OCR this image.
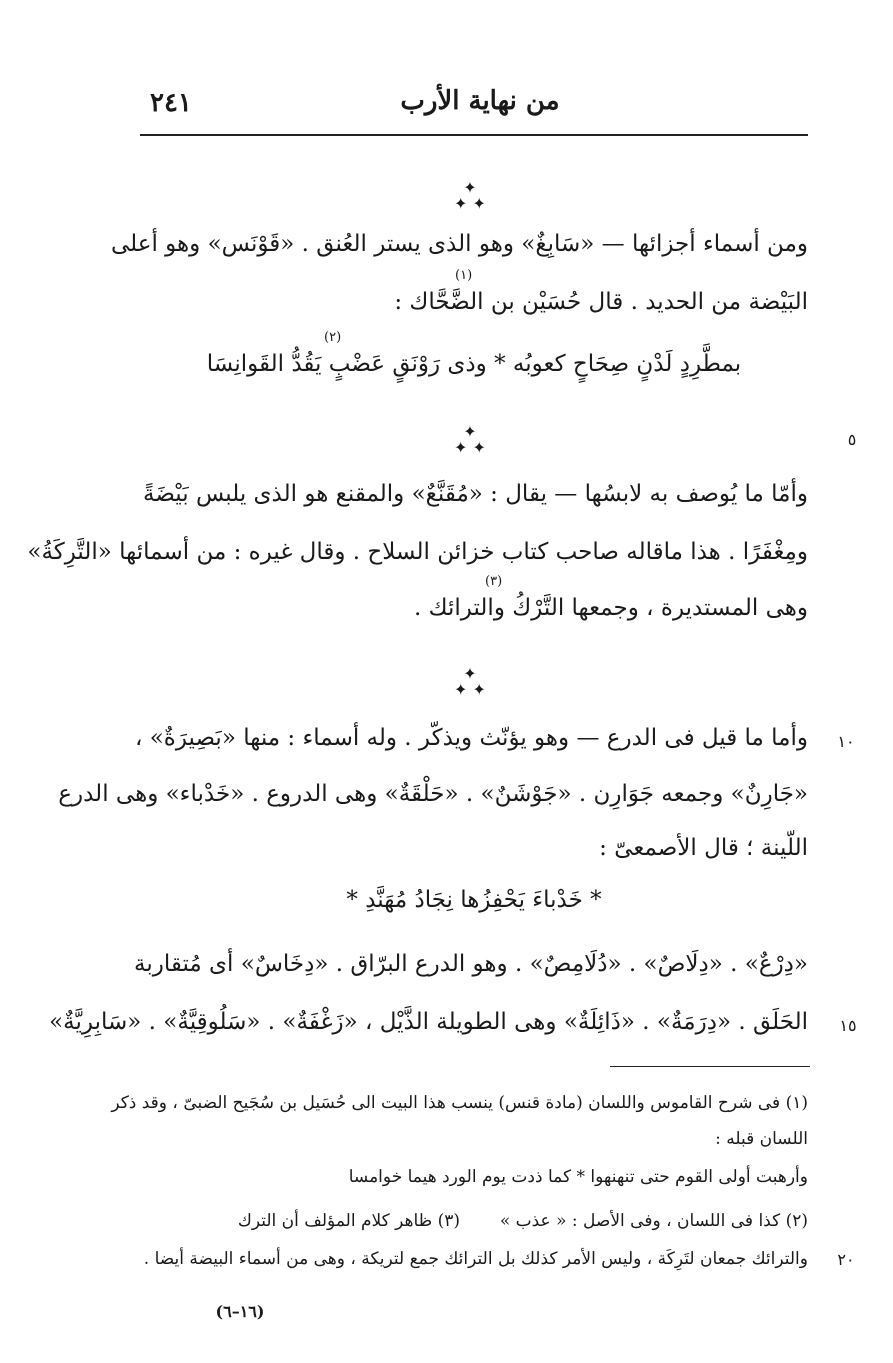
من نهاية الأرب
٢٤١
✦
✦ ✦
ومن أسماء أجزائها — «سَابِغٌ» وهو الذى يستر العُنق . «قَوْنَس» وهو أعلى
البَيْضة من الحديد . قال حُسَيْن بن الضَّحَّاك :
(١)
بمطَّرِدٍ لَدْنٍ صِحَاحٍ كعوبُه * وذى رَوْنَقٍ عَضْبٍ يَقُدُّ القَوانِسَا
(٢)
✦
✦ ✦	٥
وأمّا ما يُوصف به لابسُها — يقال : «مُقَنَّعٌ» والمقنع هو الذى يلبس بَيْضَةً
ومِغْفَرًا . هذا ماقاله صاحب كتاب خزائن السلاح . وقال غيره : من أسمائها «التَّرِكَةُ»
وهى المستديرة ، وجمعها التَّرْكُ والترائك .
(٣)
✦
✦ ✦
١٠
وأما ما قيل فى الدرع — وهو يؤنّث ويذكّر . وله أسماء : منها «بَصِيرَةٌ» ،
«جَارِنٌ» وجمعه جَوَارِن . «جَوْشَنٌ» . «حَلْقَةٌ» وهى الدروع . «خَدْباء» وهى الدرع
اللّينة ؛ قال الأصمعىّ :
* خَدْباءَ يَحْفِزُها نِجَادُ مُهَنَّدِ *
«دِرْعٌ» . «دِلَاصٌ» . «دُلَامِصٌ» . وهو الدرع البرّاق . «دِخَاسٌ» أى مُتقاربة
الحَلَق . «دِرَمَةٌ» . «ذَائِلَةٌ» وهى الطويلة الذَّيْل ، «زَغْفَةٌ» . «سَلُوقِيَّةٌ» . «سَابِرِيَّةٌ»	١٥
(١) فى شرح القاموس واللسان (مادة قنس) ينسب هذا البيت الى حُسَيل بن سُجَيح الضبىّ ، وقد ذكر
اللسان قبله :
وأرهبت أولى القوم حتى تنهنهوا * كما ذدت يوم الورد هيما خوامسا
(٢) كذا فى اللسان ، وفى الأصل : « عذب »
(٣) ظاهر كلام المؤلف أن الترك
والترائك جمعان لتَرِكَة ، وليس الأمر كذلك بل الترائك جمع لتريكة ، وهى من أسماء البيضة أيضا .	٢٠
(١٦–٦)
